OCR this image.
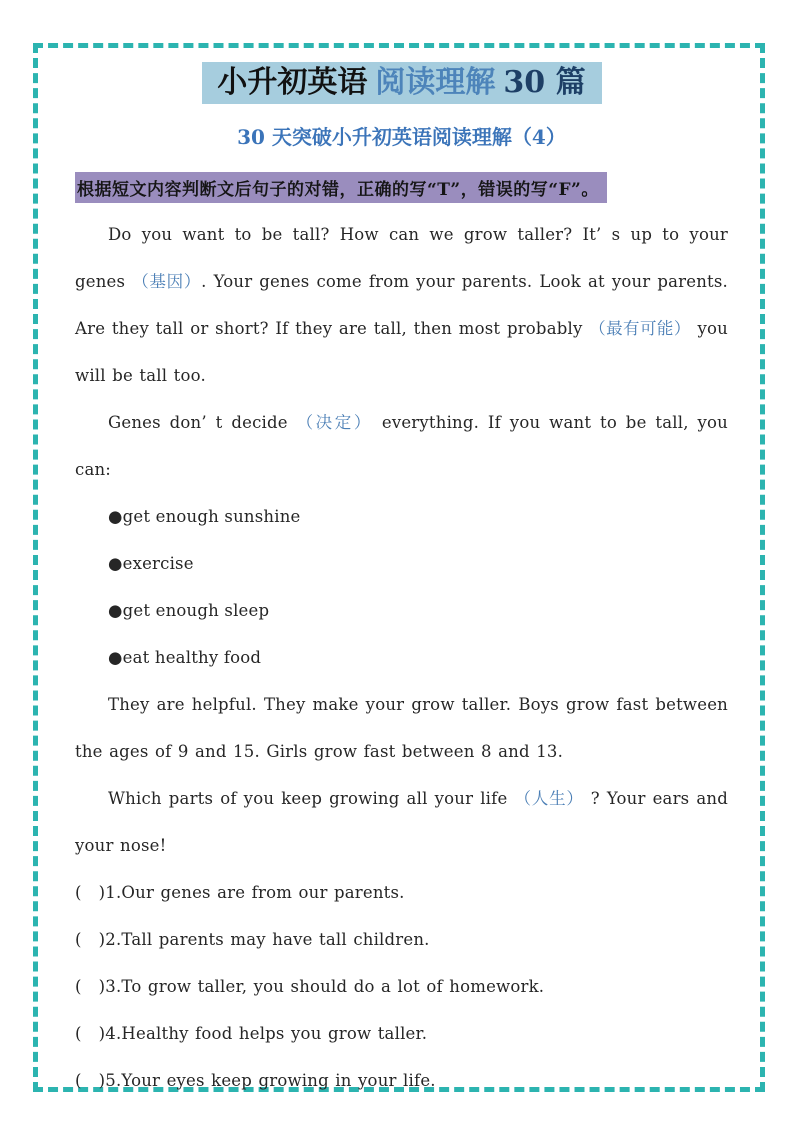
小升初英语 阅读理解 30 篇
30 天突破小升初英语阅读理解（4）
根据短文内容判断文后句子的对错，正确的写“T”，错误的写“F”。

Do you want to be tall? How can we grow taller? It’ s up to your genes （基因）. Your genes come from your parents. Look at your parents. Are they tall or short? If they are tall, then most probably （最有可能） you will be tall too.

Genes don’ t decide （决定） everything. If you want to be tall, you can:

●get enough sunshine
●exercise
●get enough sleep
●eat healthy food

They are helpful. They make your grow taller. Boys grow fast between the ages of 9 and 15. Girls grow fast between 8 and 13.

Which parts of you keep growing all your life （人生） ? Your ears and your nose!

( )1.Our genes are from our parents.
( )2.Tall parents may have tall children.
( )3.To grow taller, you should do a lot of homework.
( )4.Healthy food helps you grow taller.
( )5.Your eyes keep growing in your life.
